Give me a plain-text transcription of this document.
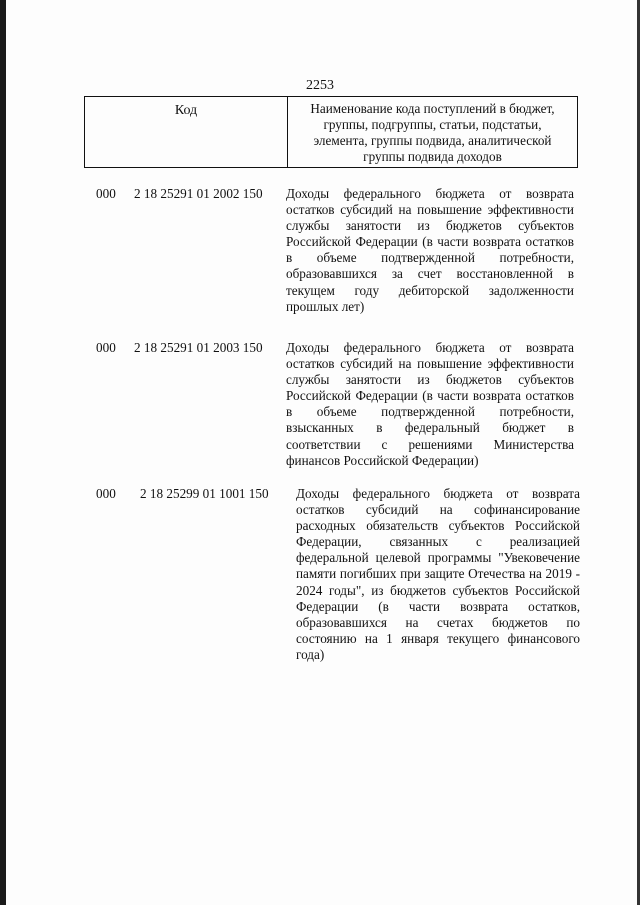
2253
Код	Наименование кода поступлений в бюджет, группы, подгруппы, статьи, подстатьи, элемента, группы подвида, аналитической группы подвида доходов
000 2 18 25291 01 2002 150 Доходы федерального бюджета от возврата остатков субсидий на повышение эффективности службы занятости из бюджетов субъектов Российской Федерации (в части возврата остатков в объеме подтвержденной потребности, образовавшихся за счет восстановленной в текущем году дебиторской задолженности прошлых лет)
000 2 18 25291 01 2003 150 Доходы федерального бюджета от возврата остатков субсидий на повышение эффективности службы занятости из бюджетов субъектов Российской Федерации (в части возврата остатков в объеме подтвержденной потребности, взысканных в федеральный бюджет в соответствии с решениями Министерства финансов Российской Федерации)
000 2 18 25299 01 1001 150 Доходы федерального бюджета от возврата остатков субсидий на софинансирование расходных обязательств субъектов Российской Федерации, связанных с реализацией федеральной целевой программы "Увековечение памяти погибших при защите Отечества на 2019 - 2024 годы", из бюджетов субъектов Российской Федерации (в части возврата остатков, образовавшихся на счетах бюджетов по состоянию на 1 января текущего финансового года)
